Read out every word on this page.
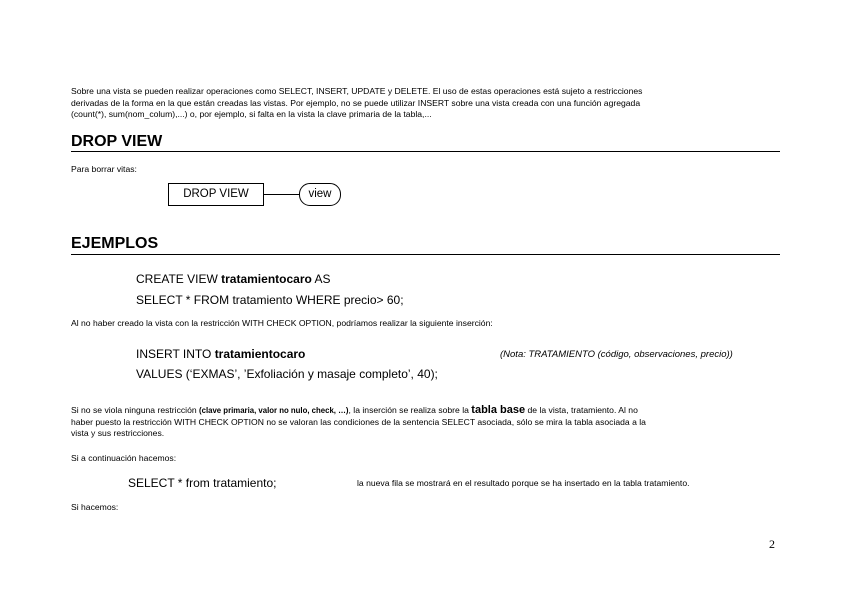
Sobre una vista se pueden realizar operaciones como SELECT, INSERT, UPDATE y DELETE. El uso de estas operaciones está sujeto a restricciones

derivadas de la forma en la que están creadas las vistas. Por ejemplo, no se puede utilizar INSERT sobre una vista creada con una función agregada

(count(*), sum(nom_colum),...) o, por ejemplo, si falta en la vista la clave primaria de la tabla,...

DROP VIEW
Para borrar vitas:
DROP VIEW	view
EJEMPLOS
CREATE VIEW tratamientocaro AS
SELECT * FROM tratamiento WHERE precio> 60;
Al no haber creado la vista con la restricción WITH CHECK OPTION, podríamos realizar la siguiente inserción:
INSERT INTO tratamientocaro	(Nota: TRATAMIENTO (código, observaciones, precio))
VALUES (‘EXMAS’, ’Exfoliación y masaje completo’, 40);
Si no se viola ninguna restricción (clave primaria, valor no nulo, check, …), la inserción se realiza sobre la tabla base de la vista, tratamiento. Al no
haber puesto la restricción WITH CHECK OPTION no se valoran las condiciones de la sentencia SELECT asociada, sólo se mira la tabla asociada a la
vista y sus restricciones.
Si a continuación hacemos:
SELECT * from tratamiento;	la nueva fila se mostrará en el resultado porque se ha insertado en la tabla tratamiento.
Si hacemos:
2
